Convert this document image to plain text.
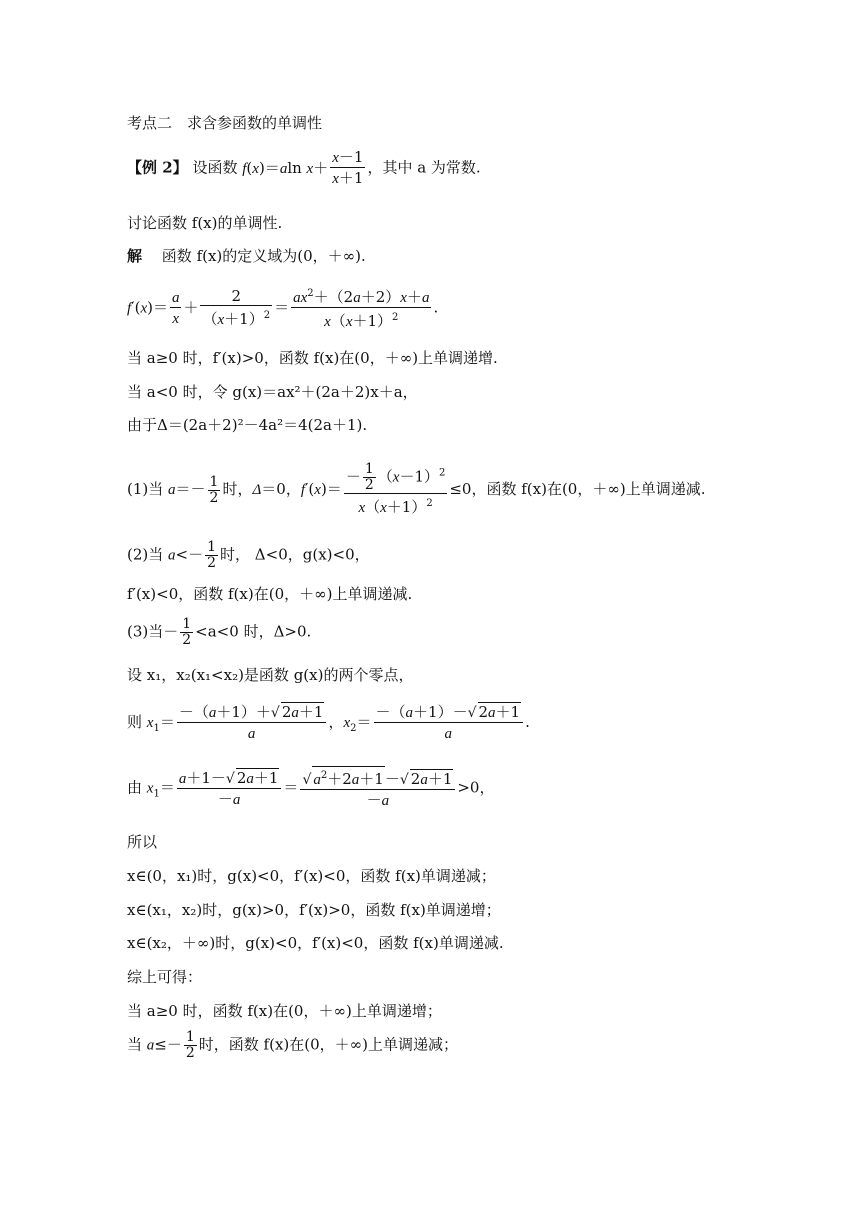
考点二　求含参函数的单调性
【例 2】 设函数 f(x)＝aln $x+ \frac{x-1}{x+1}$ ，其中 a 为常数.
讨论函数 f(x)的单调性.
解　 函数 f(x)的定义域为(0，＋∞).
$f'(x)= \frac{a}{x} + \frac{2}{(x+1)^2} = \frac{ax^2+(2a+2)x+a}{x(x+1)^2}$ .
当 a≥0 时，f′(x)>0，函数 f(x)在(0，＋∞)上单调递增.
当 a<0 时，令 g(x)＝ax²＋(2a＋2)x＋a，
由于Δ＝(2a＋2)²－4a²＝4(2a＋1).
(1)当 $a=- \frac{1}{2}$ 时，Δ＝0，$f'(x)= \frac{- \frac{1}{2} (x-1)^2}{x(x+1)^2} \le 0$，函数 f(x)在(0，＋∞)上单调递减.
(2)当 $a<- \frac{1}{2}$ 时， Δ<0，g(x)<0，
f′(x)<0，函数 f(x)在(0，＋∞)上单调递减.
(3)当－ $\frac{1}{2} <a<0$ 时，Δ>0.
设 x₁，x₂(x₁<x₂)是函数 g(x)的两个零点，
则 $x_1= \frac{-(a+1)+√ 2a+1}{a}$ ，$x_2= \frac{-(a+1)-√ 2a+1}{a}$ .
由 $x_1= \frac{a+1-√ 2a+1}{-a} = \frac{√ a^2+2a+1-√ 2a+1}{-a} >0$，
所以
x∈(0，x₁)时，g(x)<0，f′(x)<0，函数 f(x)单调递减；
x∈(x₁，x₂)时，g(x)>0，f′(x)>0，函数 f(x)单调递增；
x∈(x₂，＋∞)时，g(x)<0，f′(x)<0，函数 f(x)单调递减.
综上可得：
当 a≥0 时，函数 f(x)在(0，＋∞)上单调递增；
当 $a\le- \frac{1}{2}$ 时，函数 f(x)在(0，＋∞)上单调递减；
